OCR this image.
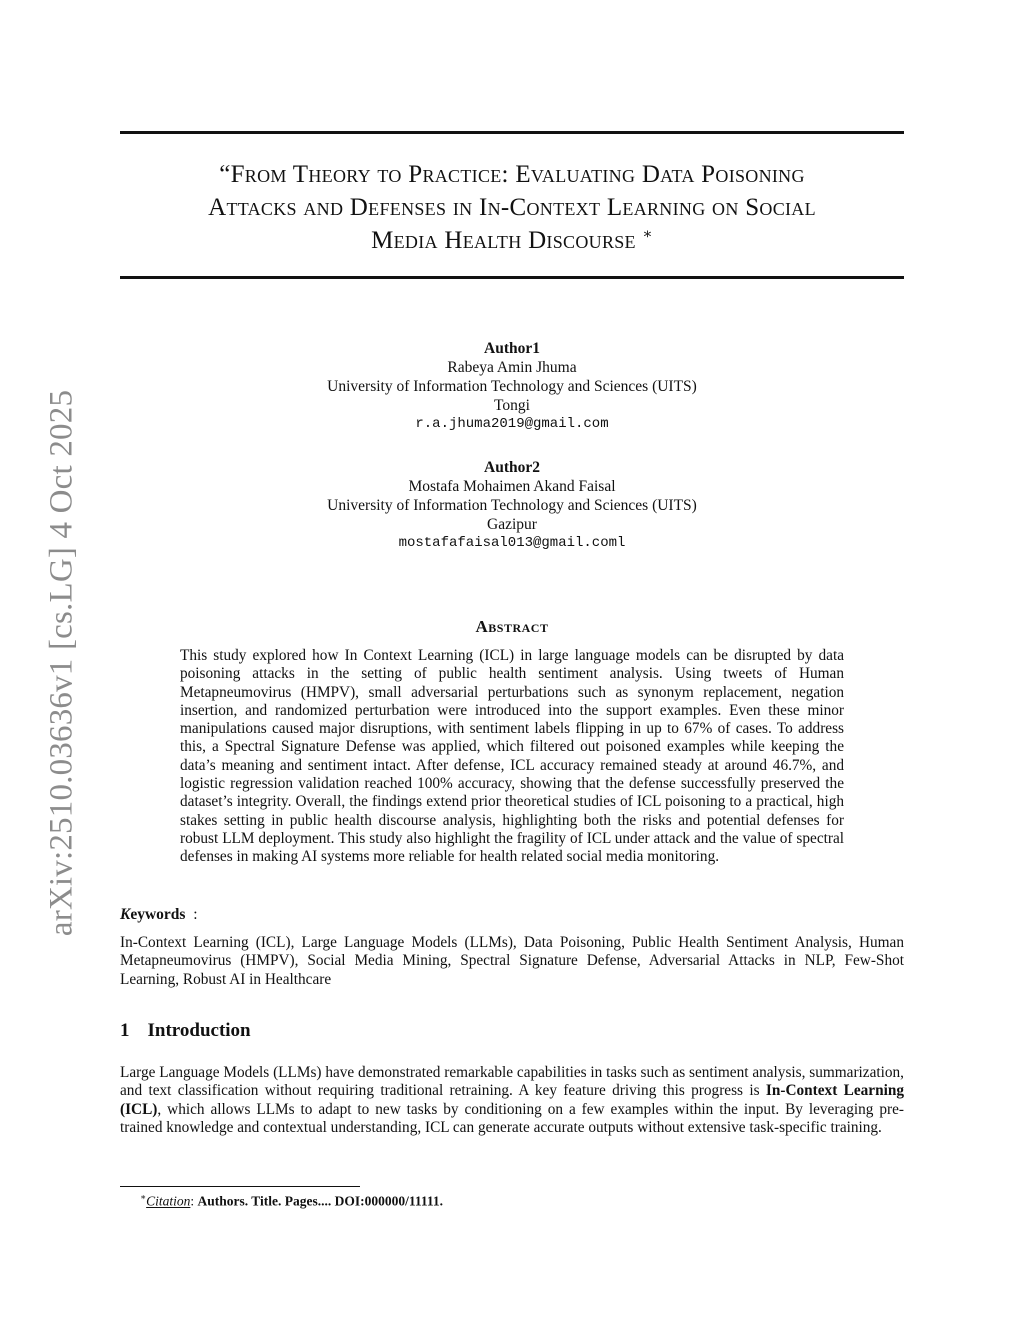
arXiv:2510.03636v1 [cs.LG] 4 Oct 2025
“From Theory to Practice: Evaluating Data Poisoning
Attacks and Defenses in In-Context Learning on Social
Media Health Discourse ∗
Author1
Rabeya Amin Jhuma
University of Information Technology and Sciences (UITS)
Tongi
r.a.jhuma2019@gmail.com
Author2
Mostafa Mohaimen Akand Faisal
University of Information Technology and Sciences (UITS)
Gazipur
mostafafaisal013@gmail.coml
Abstract
This study explored how In Context Learning (ICL) in large language models can be disrupted by data poisoning attacks in the setting of public health sentiment analysis. Using tweets of Human Metapneumovirus (HMPV), small adversarial perturbations such as synonym replacement, negation insertion, and randomized perturbation were introduced into the support examples. Even these minor manipulations caused major disruptions, with sentiment labels flipping in up to 67% of cases. To address this, a Spectral Signature Defense was applied, which filtered out poisoned examples while keeping the data’s meaning and sentiment intact. After defense, ICL accuracy remained steady at around 46.7%, and logistic regression validation reached 100% accuracy, showing that the defense successfully preserved the dataset’s integrity. Overall, the findings extend prior theoretical studies of ICL poisoning to a practical, high stakes setting in public health discourse analysis, highlighting both the risks and potential defenses for robust LLM deployment. This study also highlight the fragility of ICL under attack and the value of spectral defenses in making AI systems more reliable for health related social media monitoring.
Keywords :
In-Context Learning (ICL), Large Language Models (LLMs), Data Poisoning, Public Health Sentiment Analysis, Human Metapneumovirus (HMPV), Social Media Mining, Spectral Signature Defense, Adversarial Attacks in NLP, Few-Shot Learning, Robust AI in Healthcare
1 Introduction
Large Language Models (LLMs) have demonstrated remarkable capabilities in tasks such as sentiment analysis, summarization, and text classification without requiring traditional retraining. A key feature driving this progress is In-Context Learning (ICL), which allows LLMs to adapt to new tasks by conditioning on a few examples within the input. By leveraging pre-trained knowledge and contextual understanding, ICL can generate accurate outputs without extensive task-specific training.
∗Citation: Authors. Title. Pages.... DOI:000000/11111.
